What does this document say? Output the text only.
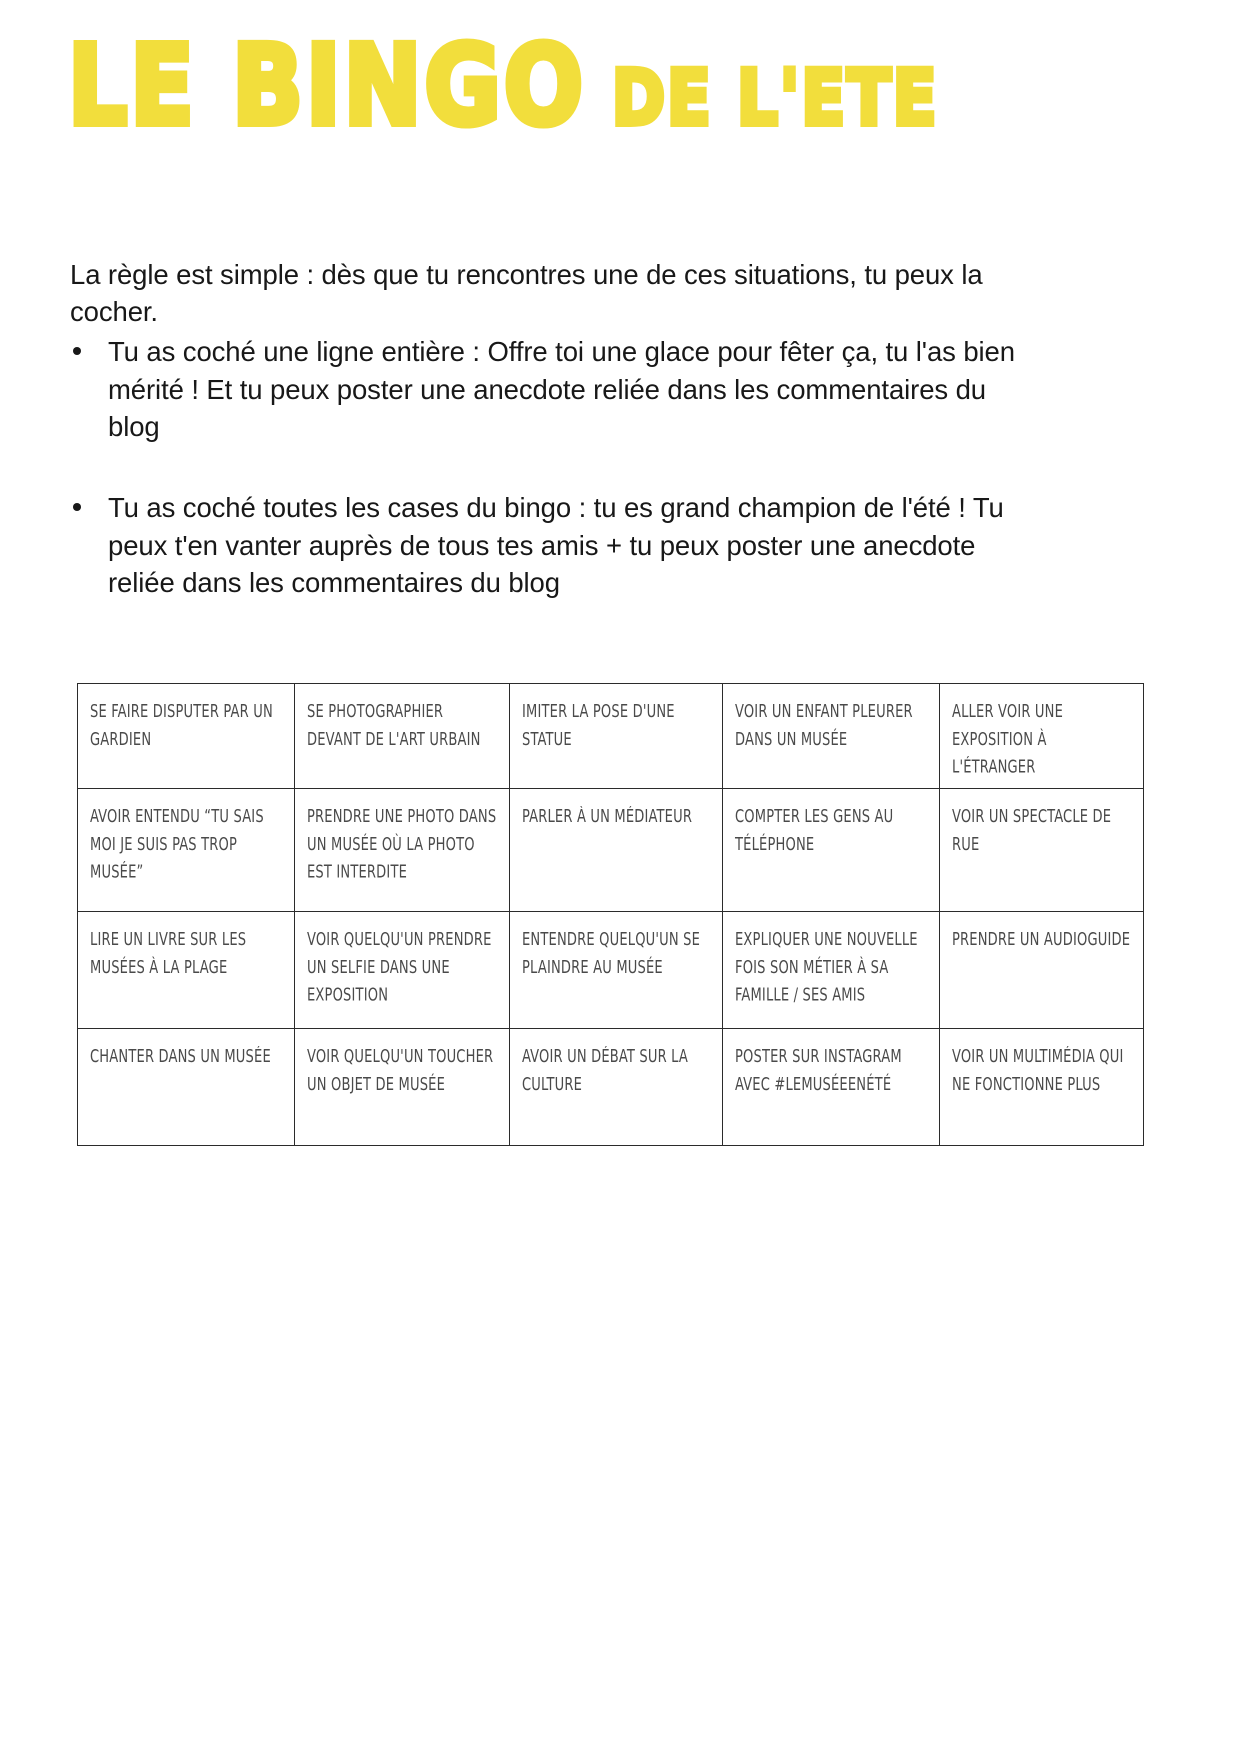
LE BINGO DE L'ETE

La règle est simple : dès que tu rencontres une de ces situations, tu peux la cocher.

Tu as coché une ligne entière : Offre toi une glace pour fêter ça, tu l'as bien mérité ! Et tu peux poster une anecdote reliée dans les commentaires du blog
Tu as coché toutes les cases du bingo : tu es grand champion de l'été ! Tu peux t'en vanter auprès de tous tes amis + tu peux poster une anecdote reliée dans les commentaires du blog
SE FAIRE DISPUTER PAR UN GARDIEN	SE PHOTOGRAPHIER DEVANT DE L'ART URBAIN	IMITER LA POSE D'UNE STATUE	VOIR UN ENFANT PLEURER DANS UN MUSÉE	ALLER VOIR UNE EXPOSITION À L'ÉTRANGER

AVOIR ENTENDU “TU SAIS MOI JE SUIS PAS TROP MUSÉE”	PRENDRE UNE PHOTO DANS UN MUSÉE OÙ LA PHOTO EST INTERDITE	PARLER À UN MÉDIATEUR	COMPTER LES GENS AU TÉLÉPHONE	VOIR UN SPECTACLE DE RUE

LIRE UN LIVRE SUR LES MUSÉES À LA PLAGE	VOIR QUELQU'UN PRENDRE UN SELFIE DANS UNE EXPOSITION	ENTENDRE QUELQU'UN SE PLAINDRE AU MUSÉE	EXPLIQUER UNE NOUVELLE FOIS SON MÉTIER À SA FAMILLE / SES AMIS	PRENDRE UN AUDIOGUIDE

CHANTER DANS UN MUSÉE	VOIR QUELQU'UN TOUCHER UN OBJET DE MUSÉE	AVOIR UN DÉBAT SUR LA CULTURE	POSTER SUR INSTAGRAM AVEC #LEMUSÉEENÉTÉ	VOIR UN MULTIMÉDIA QUI NE FONCTIONNE PLUS
